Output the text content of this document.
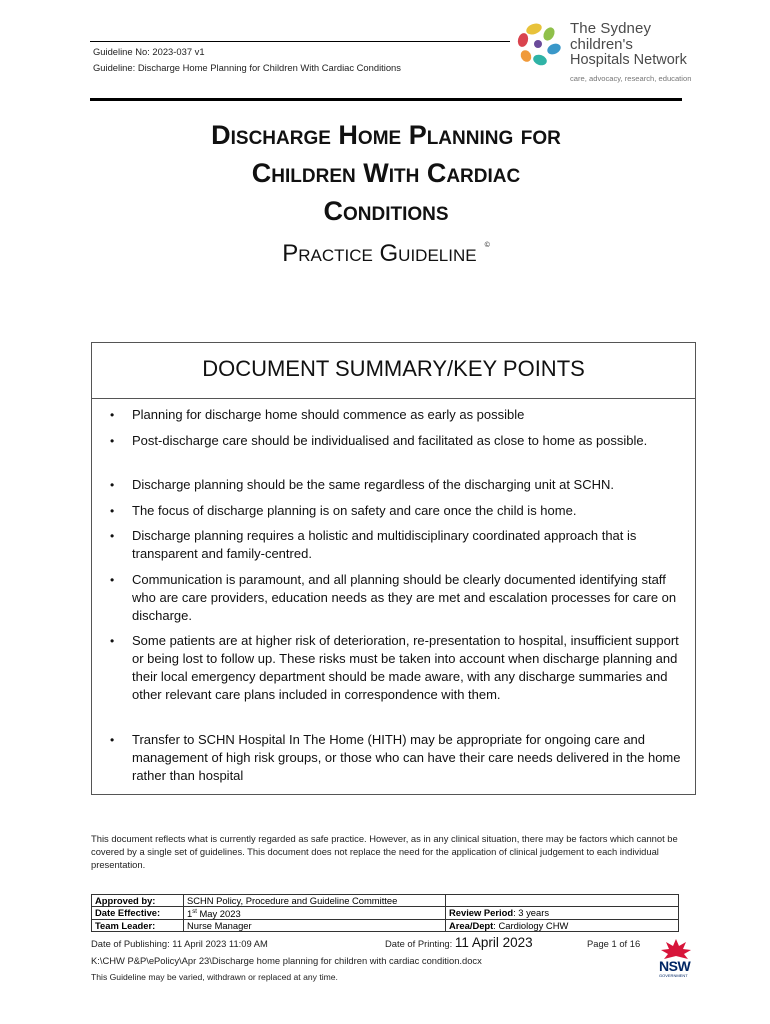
Guideline No: 2023-037 v1
Guideline: Discharge Home Planning for Children With Cardiac Conditions
The Sydney
children's
Hospitals Network
care, advocacy, research, education
Discharge Home Planning for
Children With Cardiac
Conditions
Practice Guideline ©
DOCUMENT SUMMARY/KEY POINTS
• Planning for discharge home should commence as early as possible
• Post-discharge care should be individualised and facilitated as close to home as possible.
• Discharge planning should be the same regardless of the discharging unit at SCHN.
• The focus of discharge planning is on safety and care once the child is home.
• Discharge planning requires a holistic and multidisciplinary coordinated approach that is transparent and family-centred.
• Communication is paramount, and all planning should be clearly documented identifying staff who are care providers, education needs as they are met and escalation processes for care on discharge.
• Some patients are at higher risk of deterioration, re-presentation to hospital, insufficient support or being lost to follow up. These risks must be taken into account when discharge planning and their local emergency department should be made aware, with any discharge summaries and other relevant care plans included in correspondence with them.
• Transfer to SCHN Hospital In The Home (HITH) may be appropriate for ongoing care and management of high risk groups, or those who can have their care needs delivered in the home rather than hospital
This document reflects what is currently regarded as safe practice. However, as in any clinical situation, there may be factors which cannot be covered by a single set of guidelines. This document does not replace the need for the application of clinical judgement to each individual presentation.
Approved by:	SCHN Policy, Procedure and Guideline Committee	
Date Effective:	1st May 2023	Review Period: 3 years
Team Leader:	Nurse Manager	Area/Dept: Cardiology CHW
Date of Publishing: 11 April 2023 11:09 AM	Date of Printing: 11 April 2023	Page 1 of 16
K:\CHW P&P\ePolicy\Apr 23\Discharge home planning for children with cardiac condition.docx
This Guideline may be varied, withdrawn or replaced at any time.
NSW
GOVERNMENT
